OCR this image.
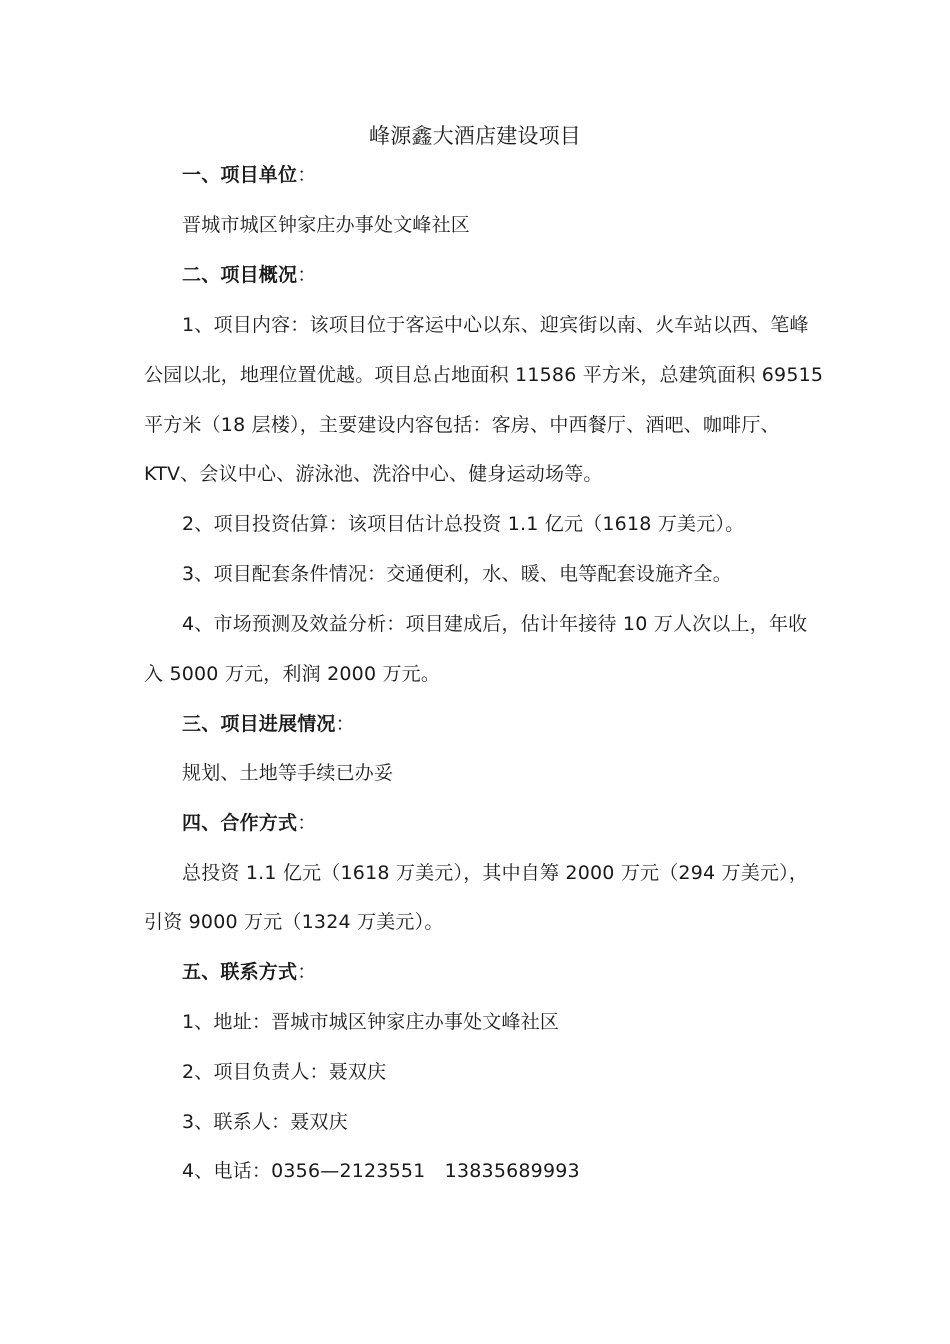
峰源鑫大酒店建设项目
一、项目单位：
晋城市城区钟家庄办事处文峰社区
二、项目概况：
1、项目内容：该项目位于客运中心以东、迎宾街以南、火车站以西、笔峰
公园以北，地理位置优越。项目总占地面积 11586 平方米，总建筑面积 69515
平方米（18 层楼），主要建设内容包括：客房、中西餐厅、酒吧、咖啡厅、
KTV、会议中心、游泳池、洗浴中心、健身运动场等。
2、项目投资估算：该项目估计总投资 1.1 亿元（1618 万美元）。
3、项目配套条件情况：交通便利，水、暖、电等配套设施齐全。
4、市场预测及效益分析：项目建成后，估计年接待 10 万人次以上，年收
入 5000 万元，利润 2000 万元。
三、项目进展情况：
规划、土地等手续已办妥
四、合作方式：
总投资 1.1 亿元（1618 万美元），其中自筹 2000 万元（294 万美元），
引资 9000 万元（1324 万美元）。
五、联系方式：
1、地址：晋城市城区钟家庄办事处文峰社区
2、项目负责人：聂双庆
3、联系人：聂双庆
4、电话：0356—2123551　13835689993
